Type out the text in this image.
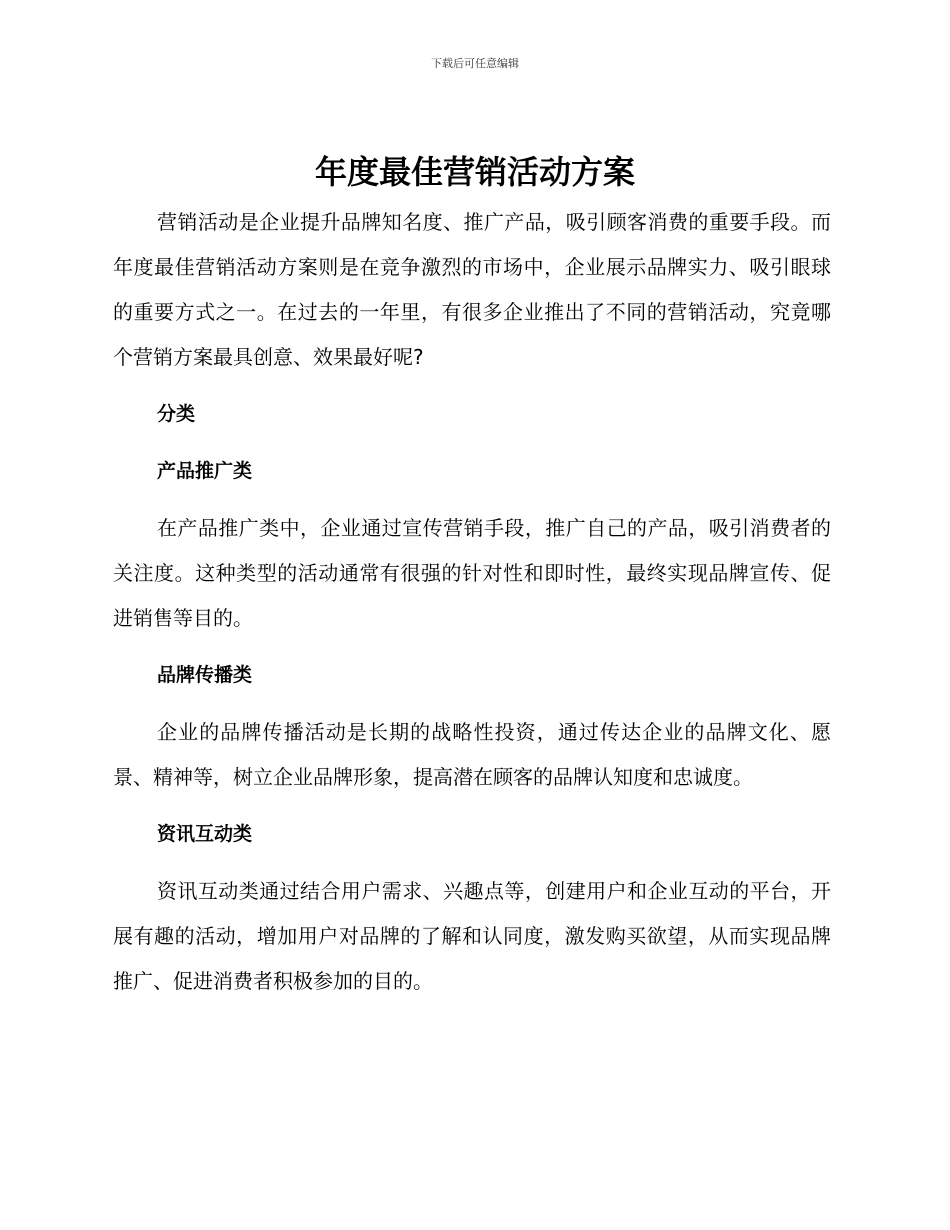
下载后可任意编辑
年度最佳营销活动方案

营销活动是企业提升品牌知名度、推广产品，吸引顾客消费的重要手段。而年度最佳营销活动方案则是在竞争激烈的市场中，企业展示品牌实力、吸引眼球的重要方式之一。在过去的一年里，有很多企业推出了不同的营销活动，究竟哪个营销方案最具创意、效果最好呢?

分类

产品推广类

在产品推广类中，企业通过宣传营销手段，推广自己的产品，吸引消费者的关注度。这种类型的活动通常有很强的针对性和即时性，最终实现品牌宣传、促进销售等目的。

品牌传播类

企业的品牌传播活动是长期的战略性投资，通过传达企业的品牌文化、愿景、精神等，树立企业品牌形象，提高潜在顾客的品牌认知度和忠诚度。

资讯互动类

资讯互动类通过结合用户需求、兴趣点等，创建用户和企业互动的平台，开展有趣的活动，增加用户对品牌的了解和认同度，激发购买欲望，从而实现品牌推广、促进消费者积极参加的目的。
